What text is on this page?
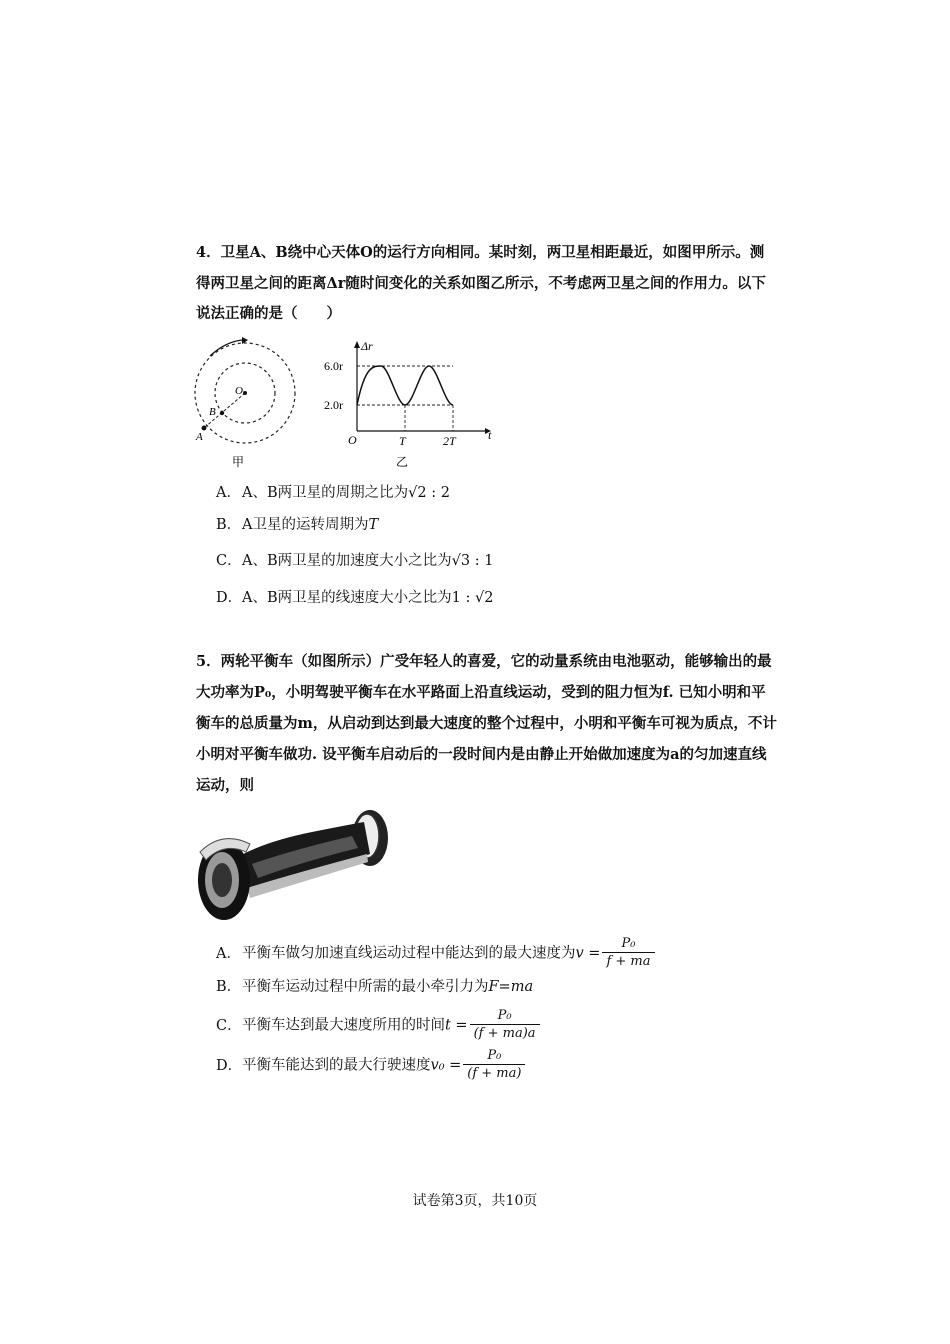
4．卫星A、B绕中心天体O的运行方向相同。某时刻，两卫星相距最近，如图甲所示。测
得两卫星之间的距离Δr随时间变化的关系如图乙所示，不考虑两卫星之间的作用力。以下
说法正确的是（　　）
O
B
A
甲
Δr
t
O
6.0r
2.0r
T	2T
乙
A．A、B两卫星的周期之比为√2 : 2
B．A卫星的运转周期为T
C．A、B两卫星的加速度大小之比为√3 : 1
D．A、B两卫星的线速度大小之比为1 : √2
5．两轮平衡车（如图所示）广受年轻人的喜爱，它的动量系统由电池驱动，能够输出的最
大功率为P₀，小明驾驶平衡车在水平路面上沿直线运动，受到的阻力恒为f. 已知小明和平
衡车的总质量为m，从启动到达到最大速度的整个过程中，小明和平衡车可视为质点，不计
小明对平衡车做功. 设平衡车启动后的一段时间内是由静止开始做加速度为a的匀加速直线
运动，则
A．平衡车做匀加速直线运动过程中能达到的最大速度为$v = \frac{\text{P₀}}{f + ma}$
B．平衡车运动过程中所需的最小牵引力为F=ma
C．平衡车达到最大速度所用的时间$t = \frac{\text{P₀}}{(f + ma)a}$
D．平衡车能达到的最大行驶速度$v_0 = \frac{\text{P₀}}{(f + ma)}$
试卷第3页，共10页
